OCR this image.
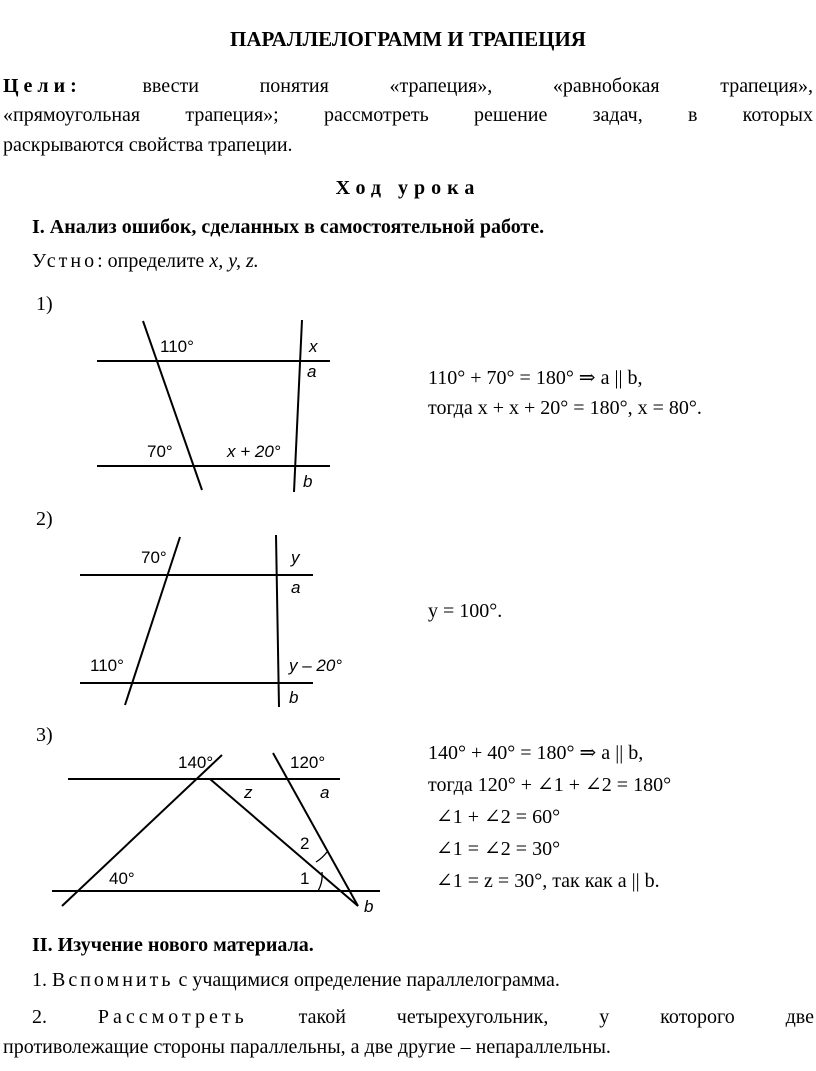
ПАРАЛЛЕЛОГРАММ И ТРАПЕЦИЯ
Цели:	ввести понятия «трапеция», «равнобокая трапеция»,
«прямоугольная трапеция»; рассмотреть решение задач, в которых
раскрываются свойства трапеции.
Ход урока
I. Анализ ошибок, сделанных в самостоятельной работе.
Устно: определите x, y, z.
1)
110°	x
a
70°	x + 20°
b
70°	y
a
110°	y – 20°
b
140°	120°
z	a
2
1
40°
b
110° + 70° = 180° ⇒ a || b,
тогда x + x + 20° = 180°, x = 80°.
2)
y = 100°.
3)
140° + 40° = 180° ⇒ a || b,
тогда 120° + ∠1 + ∠2 = 180°
∠1 + ∠2 = 60°
∠1 = ∠2 = 30°
∠1 = z = 30°, так как a || b.
II. Изучение нового материала.
1. Вспомнить с учащимися определение параллелограмма.
2.	Рассмотреть	такой четырехугольник, у которого две
противолежащие стороны параллельны, а две другие – непараллельны.
